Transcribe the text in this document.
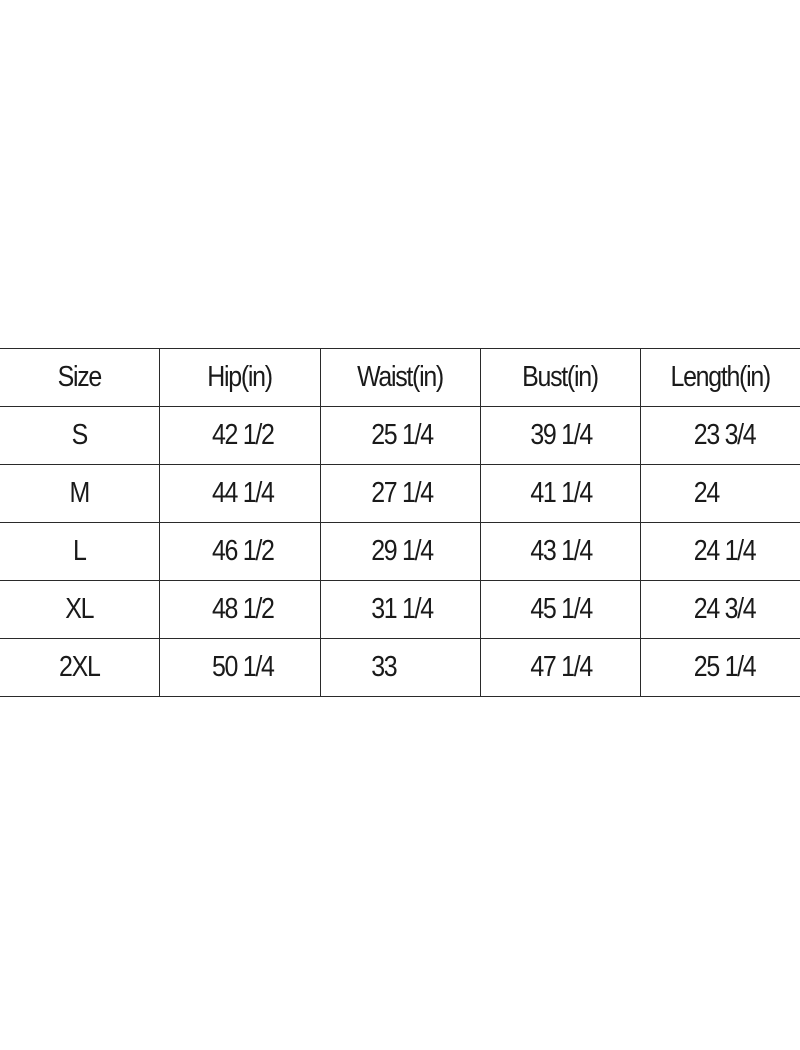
Size	Hip(in)	Waist(in)	Bust(in)	Length(in)
S	42 1/2	25 1/4	39 1/4	23 3/4
M	44 1/4	27 1/4	41 1/4	24
L	46 1/2	29 1/4	43 1/4	24 1/4
XL	48 1/2	31 1/4	45 1/4	24 3/4
2XL	50 1/4	33	47 1/4	25 1/4
